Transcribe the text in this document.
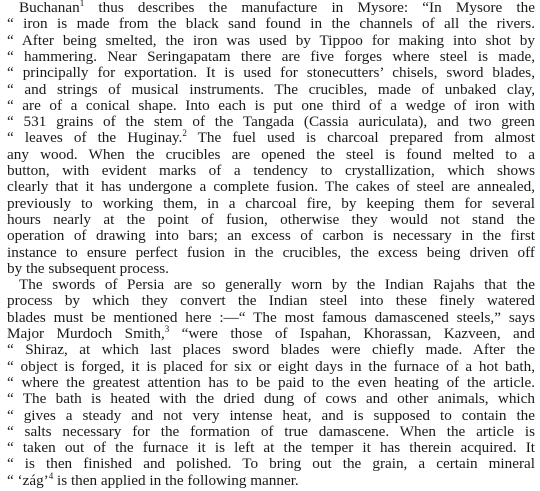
Buchanan$^1$ thus describes the manufacture in Mysore: “In Mysore the
“ iron is made from the black sand found in the channels of all the rivers.
“ After being smelted, the iron was used by Tippoo for making into shot by
“ hammering. Near Seringapatam there are five forges where steel is made,
“ principally for exportation. It is used for stonecutters’ chisels, sword blades,
“ and strings of musical instruments. The crucibles, made of unbaked clay,
“ are of a conical shape. Into each is put one third of a wedge of iron with
“ 531 grains of the stem of the Tangada (Cassia auriculata), and two green
“ leaves of the Huginay.$^2$ The fuel used is charcoal prepared from almost
any wood. When the crucibles are opened the steel is found melted to a
button, with evident marks of a tendency to crystallization, which shows
clearly that it has undergone a complete fusion. The cakes of steel are annealed,
previously to working them, in a charcoal fire, by keeping them for several
hours nearly at the point of fusion, otherwise they would not stand the
operation of drawing into bars; an excess of carbon is necessary in the first
instance to ensure perfect fusion in the crucibles, the excess being driven off
by the subsequent process.
The swords of Persia are so generally worn by the Indian Rajahs that the
process by which they convert the Indian steel into these finely watered
blades must be mentioned here :—“ The most famous damascened steels,” says
Major Murdoch Smith,$^3$ “were those of Ispahan, Khorassan, Kazveen, and
“ Shiraz, at which last places sword blades were chiefly made. After the
“ object is forged, it is placed for six or eight days in the furnace of a hot bath,
“ where the greatest attention has to be paid to the even heating of the article.
“ The bath is heated with the dried dung of cows and other animals, which
“ gives a steady and not very intense heat, and is supposed to contain the
“ salts necessary for the formation of true damascene. When the article is
“ taken out of the furnace it is left at the temper it has therein acquired. It
“ is then finished and polished. To bring out the grain, a certain mineral
“ ‘zág’$^4$ is then applied in the following manner.
